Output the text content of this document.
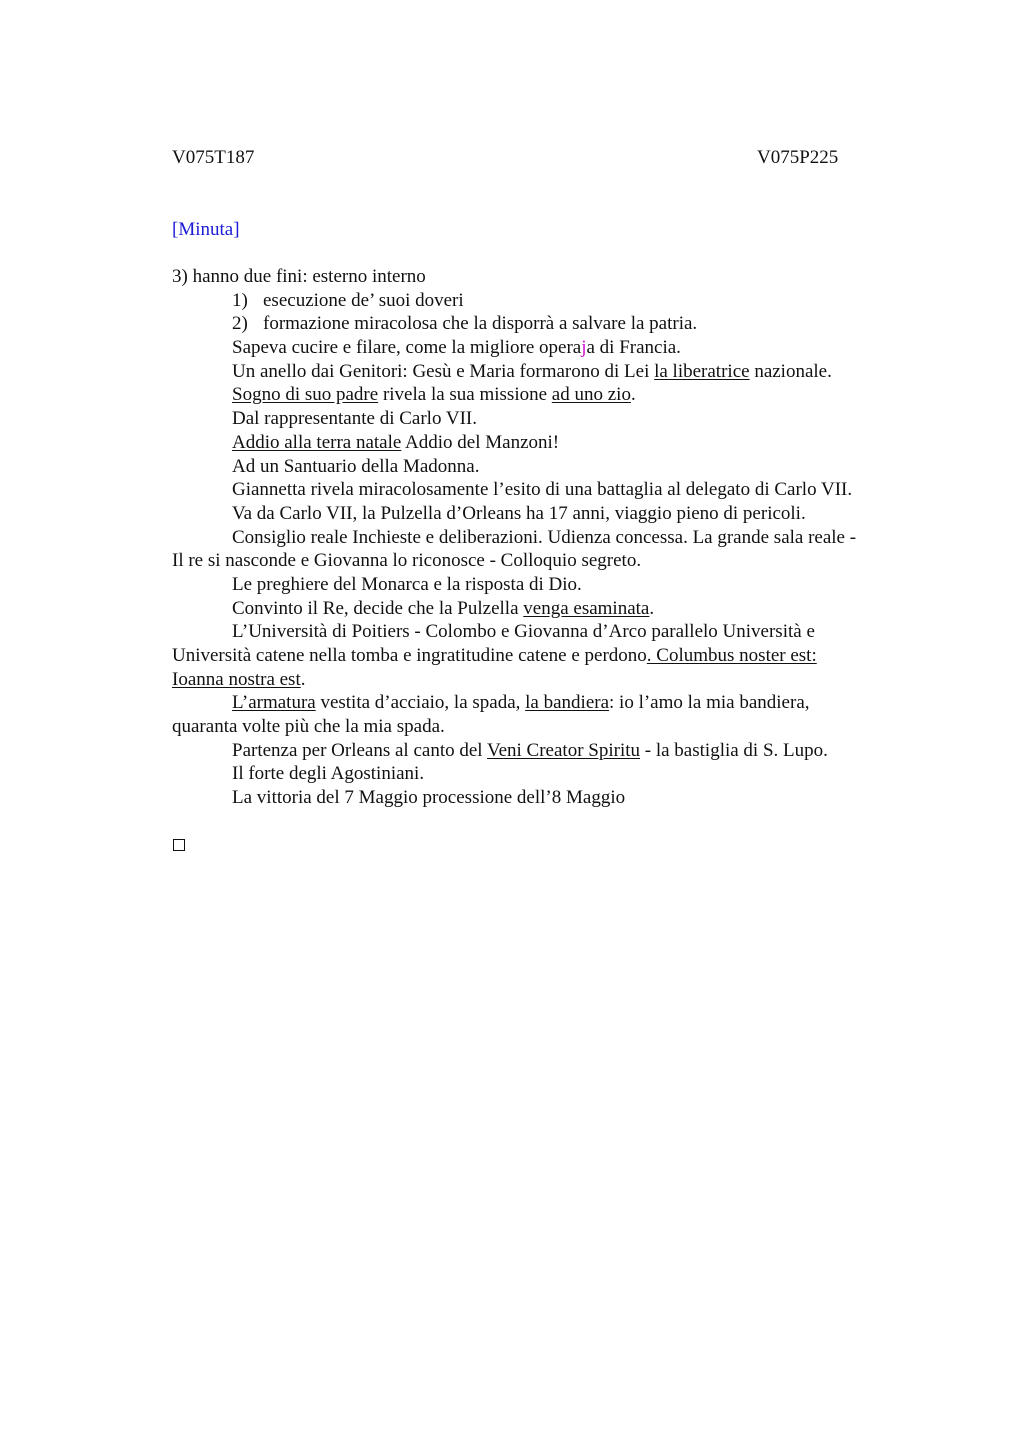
V075T187	V075P225
[Minuta]
3) hanno due fini: esterno interno
1) esecuzione de’ suoi doveri
2) formazione miracolosa che la disporrà a salvare la patria.
Sapeva cucire e filare, come la migliore operaja di Francia.
Un anello dai Genitori: Gesù e Maria formarono di Lei la liberatrice nazionale.
Sogno di suo padre rivela la sua missione ad uno zio.
Dal rappresentante di Carlo VII.
Addio alla terra natale Addio del Manzoni!
Ad un Santuario della Madonna.
Giannetta rivela miracolosamente l’esito di una battaglia al delegato di Carlo VII.
Va da Carlo VII, la Pulzella d’Orleans ha 17 anni, viaggio pieno di pericoli.
Consiglio reale Inchieste e deliberazioni. Udienza concessa. La grande sala reale -
Il re si nasconde e Giovanna lo riconosce - Colloquio segreto.
Le preghiere del Monarca e la risposta di Dio.
Convinto il Re, decide che la Pulzella venga esaminata.
L’Università di Poitiers - Colombo e Giovanna d’Arco parallelo Università e
Università catene nella tomba e ingratitudine catene e perdono. Columbus noster est:
Ioanna nostra est.
L’armatura vestita d’acciaio, la spada, la bandiera: io l’amo la mia bandiera,
quaranta volte più che la mia spada.
Partenza per Orleans al canto del Veni Creator Spiritu - la bastiglia di S. Lupo.
Il forte degli Agostiniani.
La vittoria del 7 Maggio processione dell’8 Maggio
